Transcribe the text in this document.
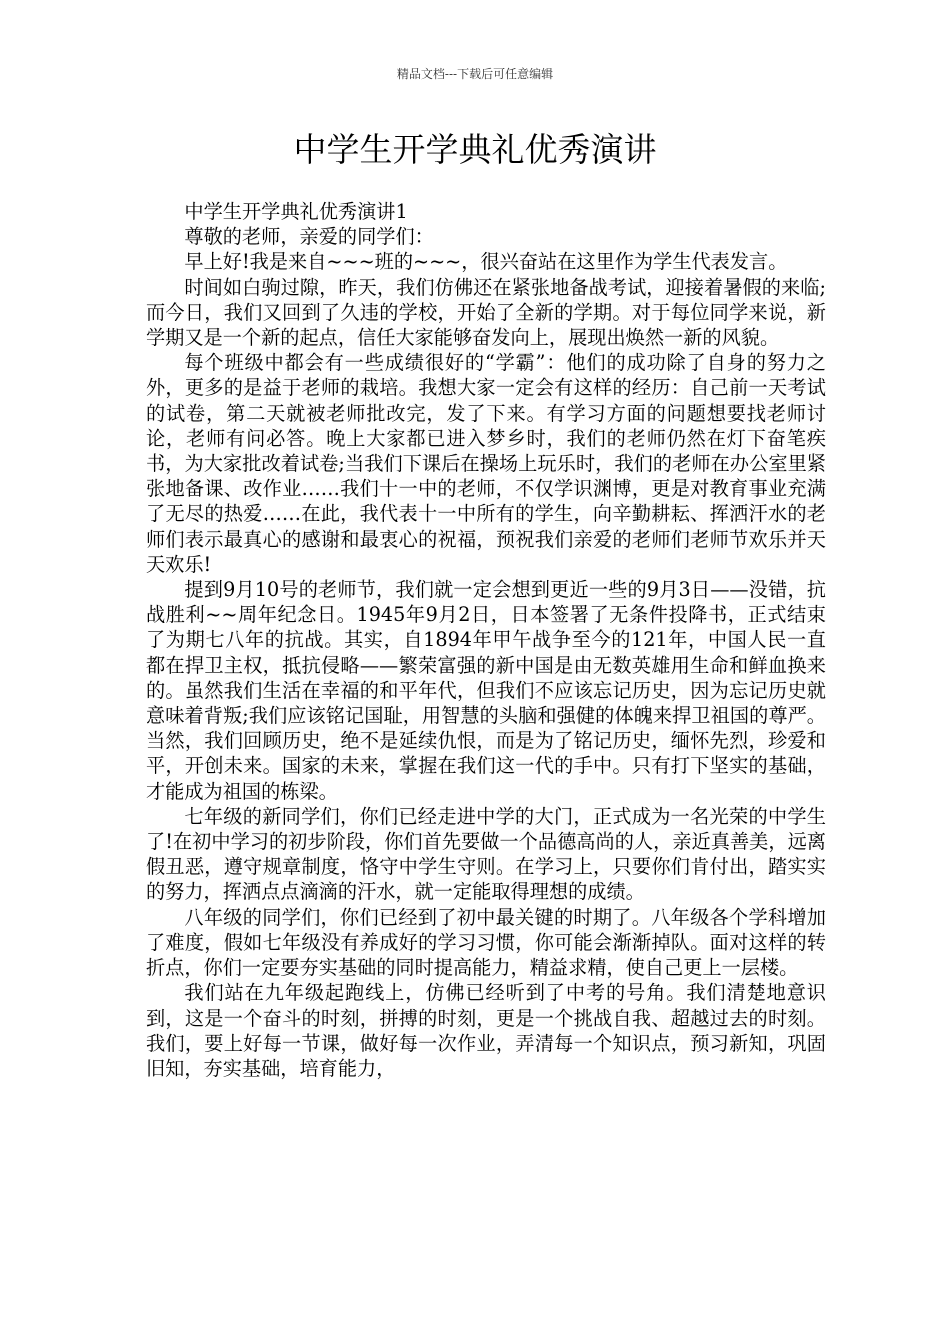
精品文档---下载后可任意编辑
中学生开学典礼优秀演讲

中学生开学典礼优秀演讲1

尊敬的老师，亲爱的同学们：

早上好!我是来自~~~班的~~~，很兴奋站在这里作为学生代表发言。

时间如白驹过隙，昨天，我们仿佛还在紧张地备战考试，迎接着暑假的来临;而今日，我们又回到了久违的学校，开始了全新的学期。对于每位同学来说，新学期又是一个新的起点，信任大家能够奋发向上，展现出焕然一新的风貌。

每个班级中都会有一些成绩很好的“学霸”：他们的成功除了自身的努力之外，更多的是益于老师的栽培。我想大家一定会有这样的经历：自己前一天考试的试卷，第二天就被老师批改完，发了下来。有学习方面的问题想要找老师讨论，老师有问必答。晚上大家都已进入梦乡时，我们的老师仍然在灯下奋笔疾书，为大家批改着试卷;当我们下课后在操场上玩乐时，我们的老师在办公室里紧张地备课、改作业……我们十一中的老师，不仅学识渊博，更是对教育事业充满了无尽的热爱……在此，我代表十一中所有的学生，向辛勤耕耘、挥洒汗水的老师们表示最真心的感谢和最衷心的祝福，预祝我们亲爱的老师们老师节欢乐并天天欢乐!

提到9月10号的老师节，我们就一定会想到更近一些的9月3日——没错，抗战胜利~~周年纪念日。1945年9月2日，日本签署了无条件投降书，正式结束了为期七八年的抗战。其实，自1894年甲午战争至今的121年，中国人民一直都在捍卫主权，抵抗侵略——繁荣富强的新中国是由无数英雄用生命和鲜血换来的。虽然我们生活在幸福的和平年代，但我们不应该忘记历史，因为忘记历史就意味着背叛;我们应该铭记国耻，用智慧的头脑和强健的体魄来捍卫祖国的尊严。当然，我们回顾历史，绝不是延续仇恨，而是为了铭记历史，缅怀先烈，珍爱和平，开创未来。国家的未来，掌握在我们这一代的手中。只有打下坚实的基础，才能成为祖国的栋梁。

七年级的新同学们，你们已经走进中学的大门，正式成为一名光荣的中学生了!在初中学习的初步阶段，你们首先要做一个品德高尚的人，亲近真善美，远离假丑恶，遵守规章制度，恪守中学生守则。在学习上，只要你们肯付出，踏实实的努力，挥洒点点滴滴的汗水，就一定能取得理想的成绩。

八年级的同学们，你们已经到了初中最关键的时期了。八年级各个学科增加了难度，假如七年级没有养成好的学习习惯，你可能会渐渐掉队。面对这样的转折点，你们一定要夯实基础的同时提高能力，精益求精，使自己更上一层楼。

我们站在九年级起跑线上，仿佛已经听到了中考的号角。我们清楚地意识到，这是一个奋斗的时刻，拼搏的时刻，更是一个挑战自我、超越过去的时刻。我们，要上好每一节课，做好每一次作业，弄清每一个知识点，预习新知，巩固旧知，夯实基础，培育能力，
